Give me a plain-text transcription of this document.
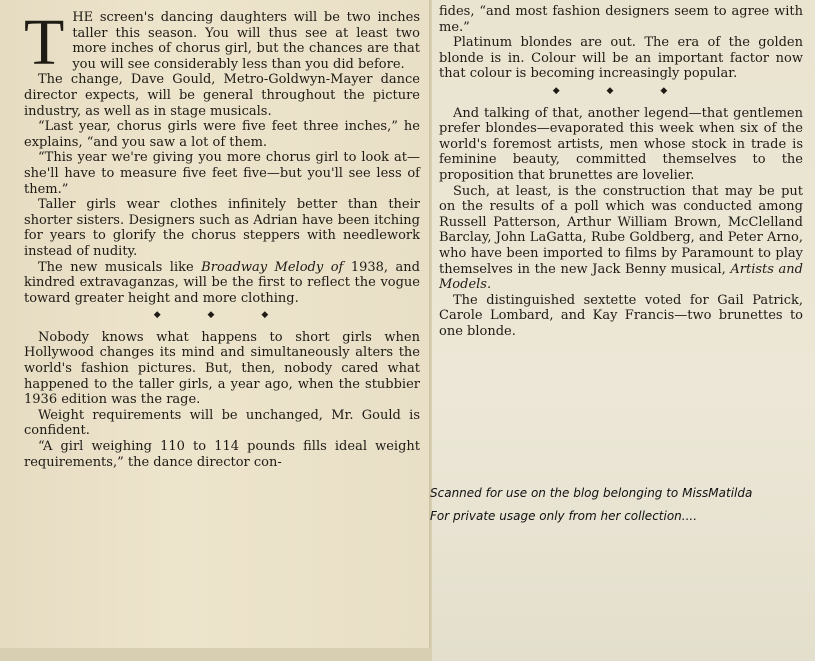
T HE screen's dancing daughters will be two inches taller this season. You will thus see at least two more inches of chorus girl, but the chances are that you will see considerably less than you did before.

The change, Dave Gould, Metro-Goldwyn-Mayer dance director expects, will be general throughout the picture industry, as well as in stage musicals.

“Last year, chorus girls were five feet three inches,” he explains, “and you saw a lot of them.

“This year we're giving you more chorus girl to look at—she'll have to measure five feet five—but you'll see less of them.”

Taller girls wear clothes infinitely better than their shorter sisters. Designers such as Adrian have been itching for years to glorify the chorus steppers with needlework instead of nudity.

The new musicals like Broadway Melody of 1938, and kindred extravaganzas, will be the first to reflect the vogue toward greater height and more clothing.

◆ ◆ ◆

Nobody knows what happens to short girls when Hollywood changes its mind and simultaneously alters the world's fashion pictures. But, then, nobody cared what happened to the taller girls, a year ago, when the stubbier 1936 edition was the rage.

Weight requirements will be unchanged, Mr. Gould is confident.

“A girl weighing 110 to 114 pounds fills ideal weight requirements,” the dance director con-

fides, “and most fashion designers seem to agree with me.”

Platinum blondes are out. The era of the golden blonde is in. Colour will be an important factor now that colour is becoming increasingly popular.

◆ ◆ ◆

And talking of that, another legend—that gentlemen prefer blondes—evaporated this week when six of the world's foremost artists, men whose stock in trade is feminine beauty, committed themselves to the proposition that brunettes are lovelier.

Such, at least, is the construction that may be put on the results of a poll which was conducted among Russell Patterson, Arthur William Brown, McClelland Barclay, John LaGatta, Rube Goldberg, and Peter Arno, who have been imported to films by Paramount to play themselves in the new Jack Benny musical, Artists and Models.

The distinguished sextette voted for Gail Patrick, Carole Lombard, and Kay Francis—two brunettes to one blonde.

Scanned for use on the blog belonging to MissMatilda
For private usage only from her collection....
